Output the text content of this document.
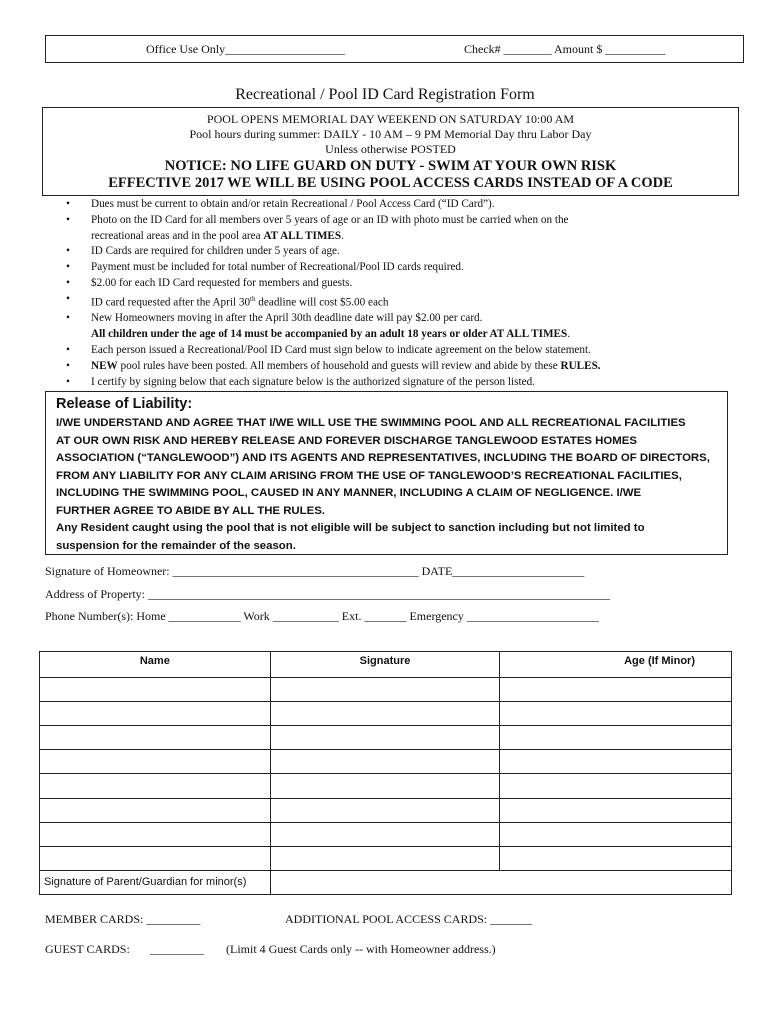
Office Use Only____________________	Check# ________ Amount $ __________
Recreational / Pool ID Card Registration Form
POOL OPENS MEMORIAL DAY WEEKEND ON SATURDAY 10:00 AM
Pool hours during summer: DAILY - 10 AM – 9 PM Memorial Day thru Labor Day
Unless otherwise POSTED
NOTICE: NO LIFE GUARD ON DUTY - SWIM AT YOUR OWN RISK
EFFECTIVE 2017 WE WILL BE USING POOL ACCESS CARDS INSTEAD OF A CODE
• Dues must be current to obtain and/or retain Recreational / Pool Access Card (“ID Card”).
• Photo on the ID Card for all members over 5 years of age or an ID with photo must be carried when on the
recreational areas and in the pool area AT ALL TIMES.
• ID Cards are required for children under 5 years of age.
• Payment must be included for total number of Recreational/Pool ID cards required.
• $2.00 for each ID Card requested for members and guests.
• ID card requested after the April 30th deadline will cost $5.00 each
• New Homeowners moving in after the April 30th deadline date will pay $2.00 per card.
All children under the age of 14 must be accompanied by an adult 18 years or older AT ALL TIMES.
• Each person issued a Recreational/Pool ID Card must sign below to indicate agreement on the below statement.
• NEW pool rules have been posted. All members of household and guests will review and abide by these RULES.
• I certify by signing below that each signature below is the authorized signature of the person listed.
Release of Liability:
I/WE UNDERSTAND AND AGREE THAT I/WE WILL USE THE SWIMMING POOL AND ALL RECREATIONAL FACILITIES
AT OUR OWN RISK AND HEREBY RELEASE AND FOREVER DISCHARGE TANGLEWOOD ESTATES HOMES
ASSOCIATION (“TANGLEWOOD”) AND ITS AGENTS AND REPRESENTATIVES, INCLUDING THE BOARD OF DIRECTORS,
FROM ANY LIABILITY FOR ANY CLAIM ARISING FROM THE USE OF TANGLEWOOD’S RECREATIONAL FACILITIES,
INCLUDING THE SWIMMING POOL, CAUSED IN ANY MANNER, INCLUDING A CLAIM OF NEGLIGENCE. I/WE
FURTHER AGREE TO ABIDE BY ALL THE RULES.
Any Resident caught using the pool that is not eligible will be subject to sanction including but not limited to
suspension for the remainder of the season.
Signature of Homeowner: _________________________________________ DATE______________________
Address of Property: _____________________________________________________________________________
Phone Number(s): Home ____________ Work ___________ Ext. _______ Emergency ______________________
Name	Signature	Age (If Minor)

Signature of Parent/Guardian for minor(s)		
MEMBER CARDS: _________	ADDITIONAL POOL ACCESS CARDS: _______
GUEST CARDS: _________ (Limit 4 Guest Cards only -- with Homeowner address.)
